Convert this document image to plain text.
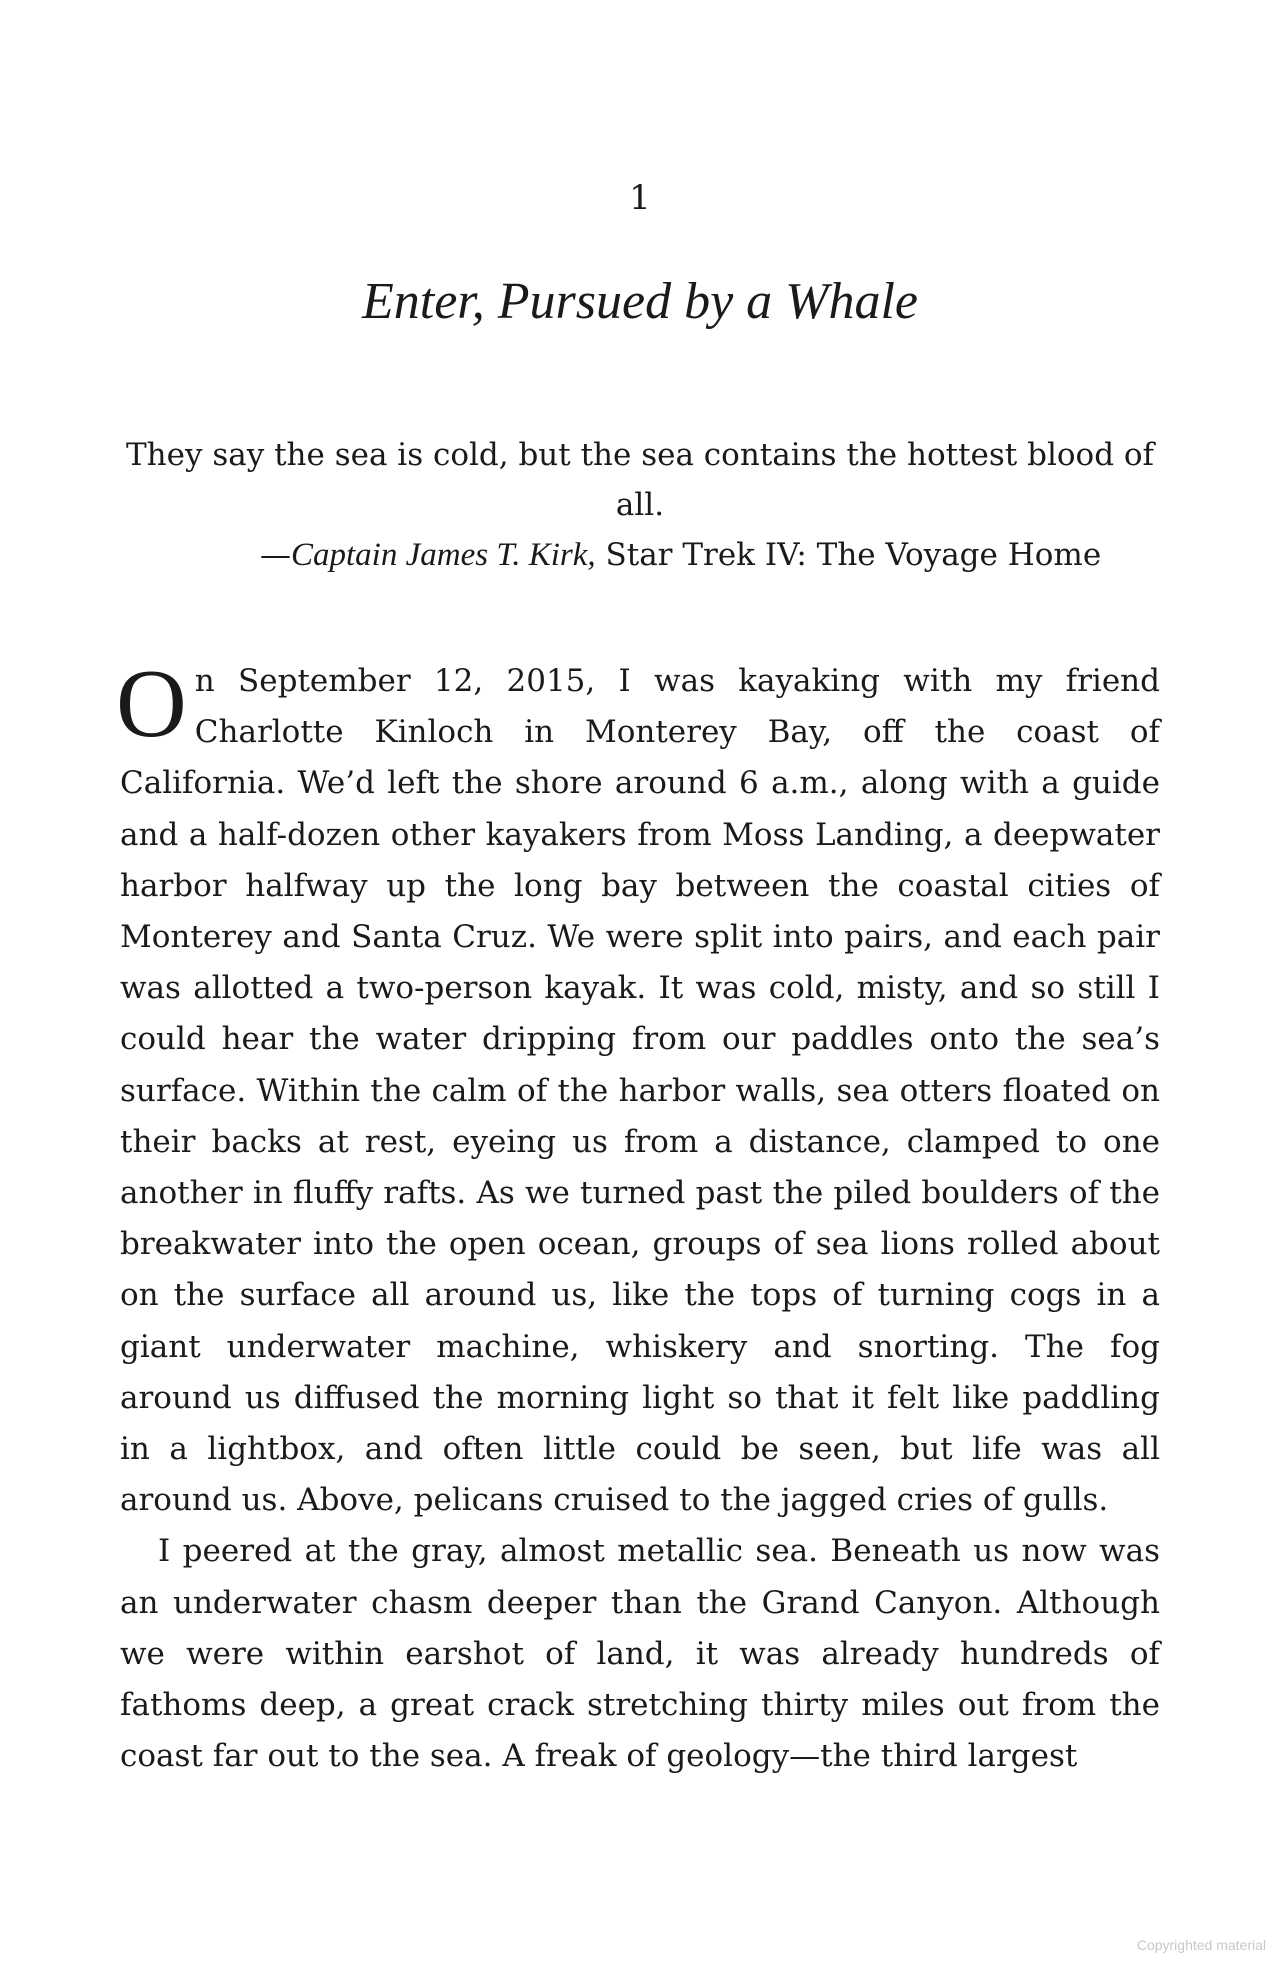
1
Enter, Pursued by a Whale
They say the sea is cold, but the sea contains the hottest blood of all.
—Captain James T. Kirk, Star Trek IV: The Voyage Home

On September 12, 2015, I was kayaking with my friend Charlotte Kinloch in Monterey Bay, off the coast of California. We’d left the shore around 6 a.m., along with a guide and a half-dozen other kayakers from Moss Landing, a deepwater harbor halfway up the long bay between the coastal cities of Monterey and Santa Cruz. We were split into pairs, and each pair was allotted a two-person kayak. It was cold, misty, and so still I could hear the water dripping from our paddles onto the sea’s surface. Within the calm of the harbor walls, sea otters floated on their backs at rest, eyeing us from a distance, clamped to one another in fluffy rafts. As we turned past the piled boulders of the breakwater into the open ocean, groups of sea lions rolled about on the surface all around us, like the tops of turning cogs in a giant underwater machine, whiskery and snorting. The fog around us diffused the morning light so that it felt like paddling in a lightbox, and often little could be seen, but life was all around us. Above, pelicans cruised to the jagged cries of gulls.

I peered at the gray, almost metallic sea. Beneath us now was an underwater chasm deeper than the Grand Canyon. Although we were within earshot of land, it was already hundreds of fathoms deep, a great crack stretching thirty miles out from the coast far out to the sea. A freak of geology—the third largest

Copyrighted material
